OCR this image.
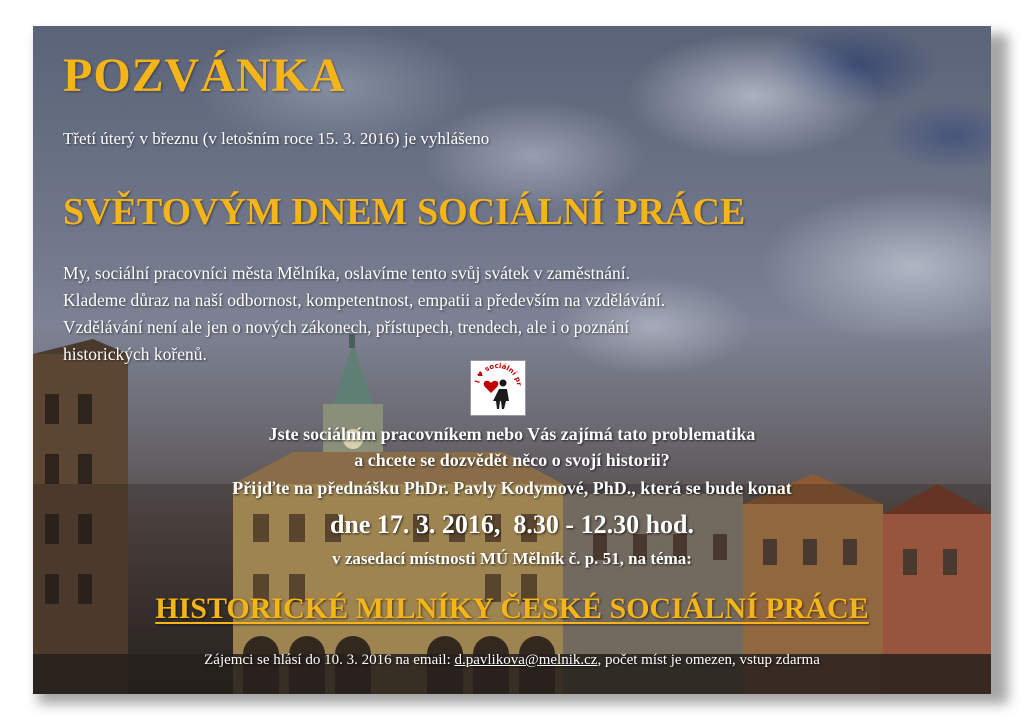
POZVÁNKA
Třetí úterý v březnu (v letošním roce 15. 3. 2016) je vyhlášeno
SVĚTOVÝM DNEM SOCIÁLNÍ PRÁCE
My, sociální pracovníci města Mělníka, oslavíme tento svůj svátek v zaměstnání.
Klademe důraz na naší odbornost, kompetentnost, empatii a především na vzdělávání.
Vzdělávání není ale jen o nových zákonech, přístupech, trendech, ale i o poznání
historických kořenů.
I ♥ sociální pr
Jste sociálním pracovníkem nebo Vás zajímá tato problematika
a chcete se dozvědět něco o svojí historii?
Přijďte na přednášku PhDr. Pavly Kodymové, PhD., která se bude konat
dne 17. 3. 2016,  8.30 - 12.30 hod.
v zasedací místnosti MÚ Mělník č. p. 51, na téma:
HISTORICKÉ MILNÍKY ČESKÉ SOCIÁLNÍ PRÁCE
Zájemci se hlásí do 10. 3. 2016 na email: d.pavlikova@melnik.cz, počet míst je omezen, vstup zdarma
